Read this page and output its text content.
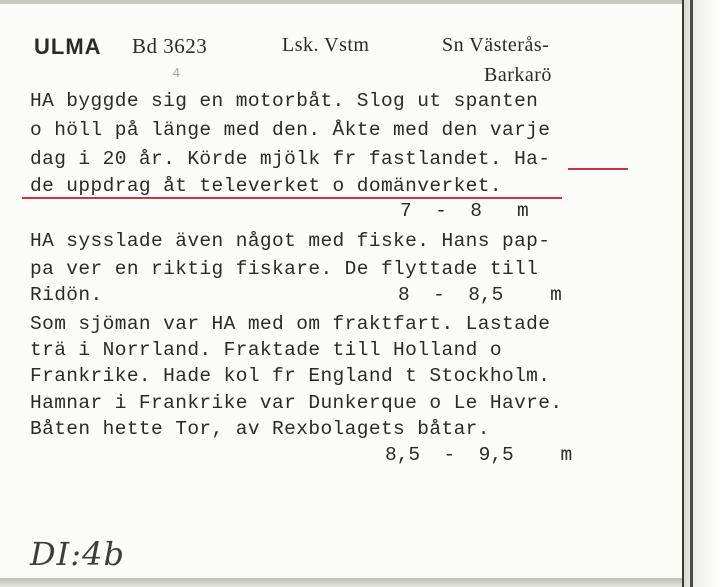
ULMA Bd 3623	Lsk. Vstm	Sn Västerås-
Barkarö
4
HA byggde sig en motorbåt. Slog ut spanten
o höll på länge med den. Åkte med den varje
dag i 20 år. Körde mjölk fr fastlandet. Ha-
de uppdrag åt televerket o domänverket.
7  -  8   m
HA sysslade även något med fiske. Hans pap-
pa ver en riktig fiskare. De flyttade till
Ridön.	8  -  8,5    m
Som sjöman var HA med om fraktfart. Lastade
trä i Norrland. Fraktade till Holland o
Frankrike. Hade kol fr England t Stockholm.
Hamnar i Frankrike var Dunkerque o Le Havre.
Båten hette Tor, av Rexbolagets båtar.
8,5  -  9,5    m
DI:4b
